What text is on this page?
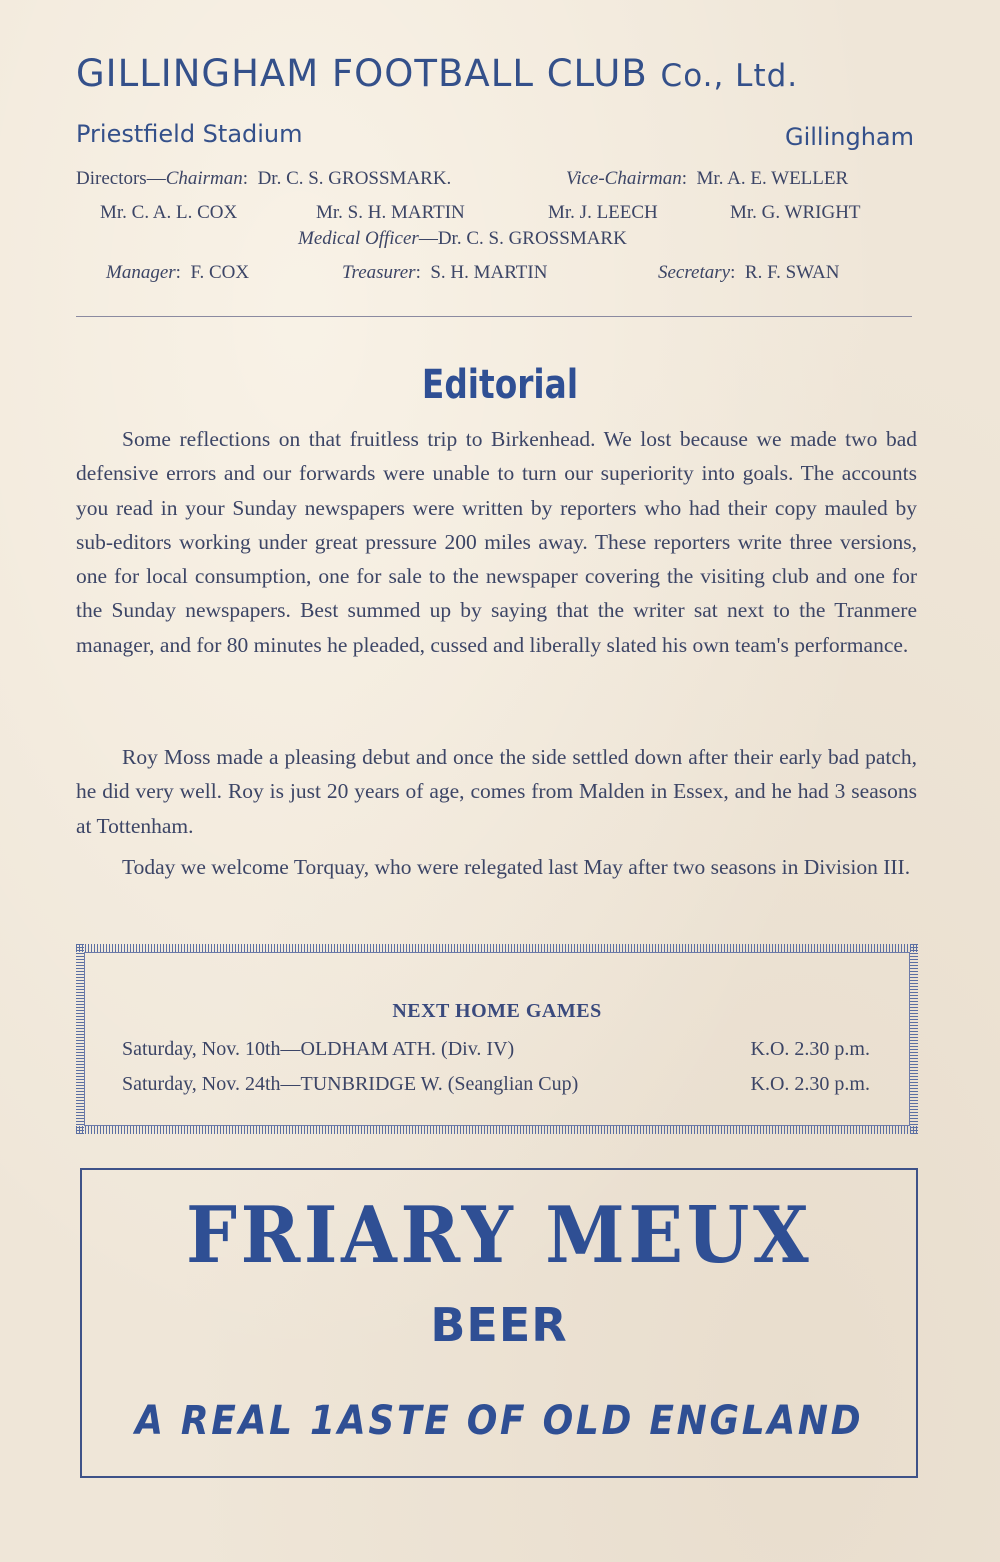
GILLINGHAM FOOTBALL CLUB Co., Ltd.
Priestfield Stadium	Gillingham
Directors—Chairman:  Dr. C. S. GROSSMARK.	Vice-Chairman:  Mr. A. E. WELLER
Mr. C. A. L. COX	Mr. S. H. MARTIN	Mr. J. LEECH	Mr. G. WRIGHT
Medical Officer—Dr. C. S. GROSSMARK
Manager:  F. COX	Treasurer:  S. H. MARTIN	Secretary:  R. F. SWAN
Editorial

Some reflections on that fruitless trip to Birkenhead. We lost because we made two bad defensive errors and our forwards were unable to turn our superiority into goals. The accounts you read in your Sunday newspapers were written by reporters who had their copy mauled by sub-editors working under great pressure 200 miles away. These reporters write three versions, one for local consumption, one for sale to the newspaper covering the visiting club and one for the Sunday newspapers. Best summed up by saying that the writer sat next to the Tranmere manager, and for 80 minutes he pleaded, cussed and liberally slated his own team's performance.

Roy Moss made a pleasing debut and once the side settled down after their early bad patch, he did very well. Roy is just 20 years of age, comes from Malden in Essex, and he had 3 seasons at Tottenham.

Today we welcome Torquay, who were relegated last May after two seasons in Division III.

NEXT HOME GAMES
Saturday, Nov. 10th—OLDHAM ATH. (Div. IV)	K.O. 2.30 p.m.
Saturday, Nov. 24th—TUNBRIDGE W. (Seanglian Cup)	K.O. 2.30 p.m.
FRIARY MEUX
BEER
A REAL 1ASTE OF OLD ENGLAND
